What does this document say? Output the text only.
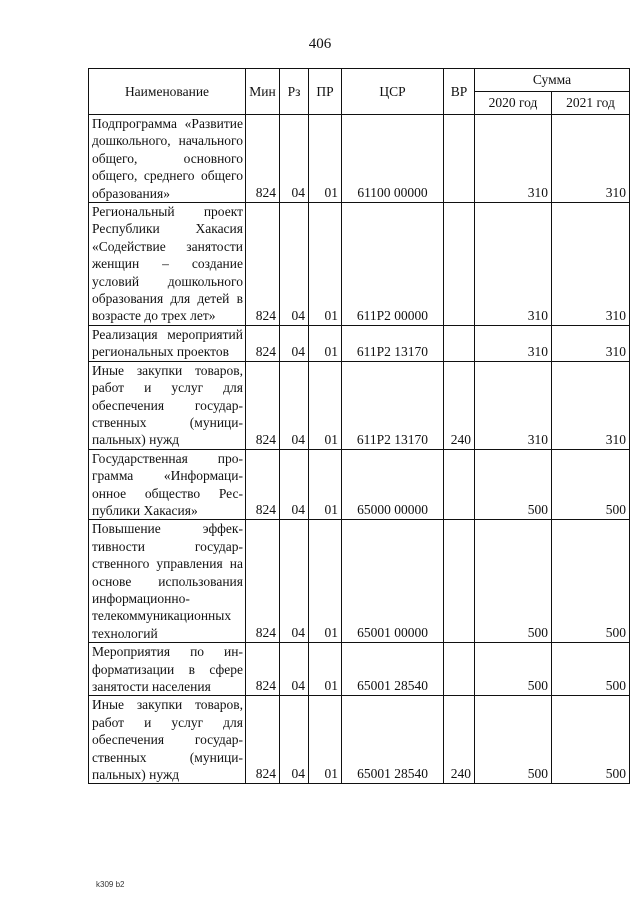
406
Наименование	Мин	Рз	ПР	ЦСР	ВР	Сумма	
						2020 год	2021 год
Подпрограмма «Развитие дошкольного, начального общего, основного общего, среднего общего образования»	824	04	01	61100 00000		310	310
Региональный проект Республики Хакасия «Содействие занятости женщин – создание условий дошкольного образования для детей в возрасте до трех лет»	824	04	01	611P2 00000		310	310
Реализация мероприятий региональных проектов	824	04	01	611P2 13170		310	310
Иные закупки товаров, работ и услуг для обеспечения государственных (муниципальных) нужд	824	04	01	611P2 13170	240	310	310
Государственная программа «Информационное общество Республики Хакасия»	824	04	01	65000 00000		500	500
Повышение эффективности государственного управления на основе использования информационно-телекоммуникационных технологий	824	04	01	65001 00000		500	500
Мероприятия по информатизации в сфере занятости населения	824	04	01	65001 28540		500	500
Иные закупки товаров, работ и услуг для обеспечения государственных (муниципальных) нужд	824	04	01	65001 28540	240	500	500
k309 b2
